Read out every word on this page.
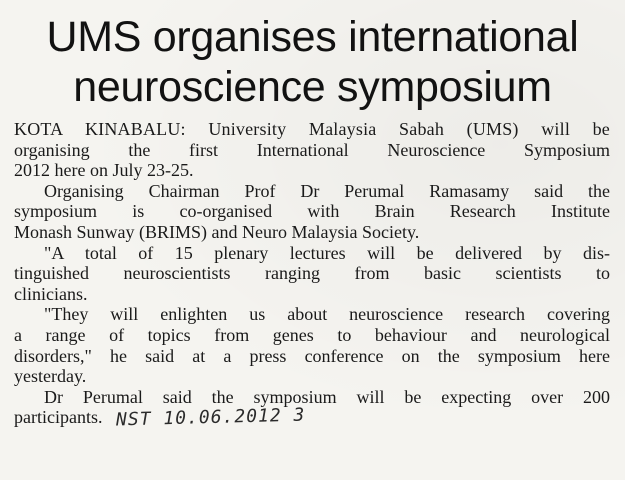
UMS organises international
neuroscience symposium
KOTA KINABALU: University Malaysia Sabah (UMS) will be
organising the first International Neuroscience Symposium
2012 here on July 23-25.
Organising Chairman Prof Dr Perumal Ramasamy said the
symposium is co-organised with Brain Research Institute
Monash Sunway (BRIMS) and Neuro Malaysia Society.
"A total of 15 plenary lectures will be delivered by dis-
tinguished neuroscientists ranging from basic scientists to
clinicians.
"They will enlighten us about neuroscience research covering
a range of topics from genes to behaviour and neurological
disorders," he said at a press conference on the symposium here
yesterday.
Dr Perumal said the symposium will be expecting over 200
participants. NST 10.06.2012 3
